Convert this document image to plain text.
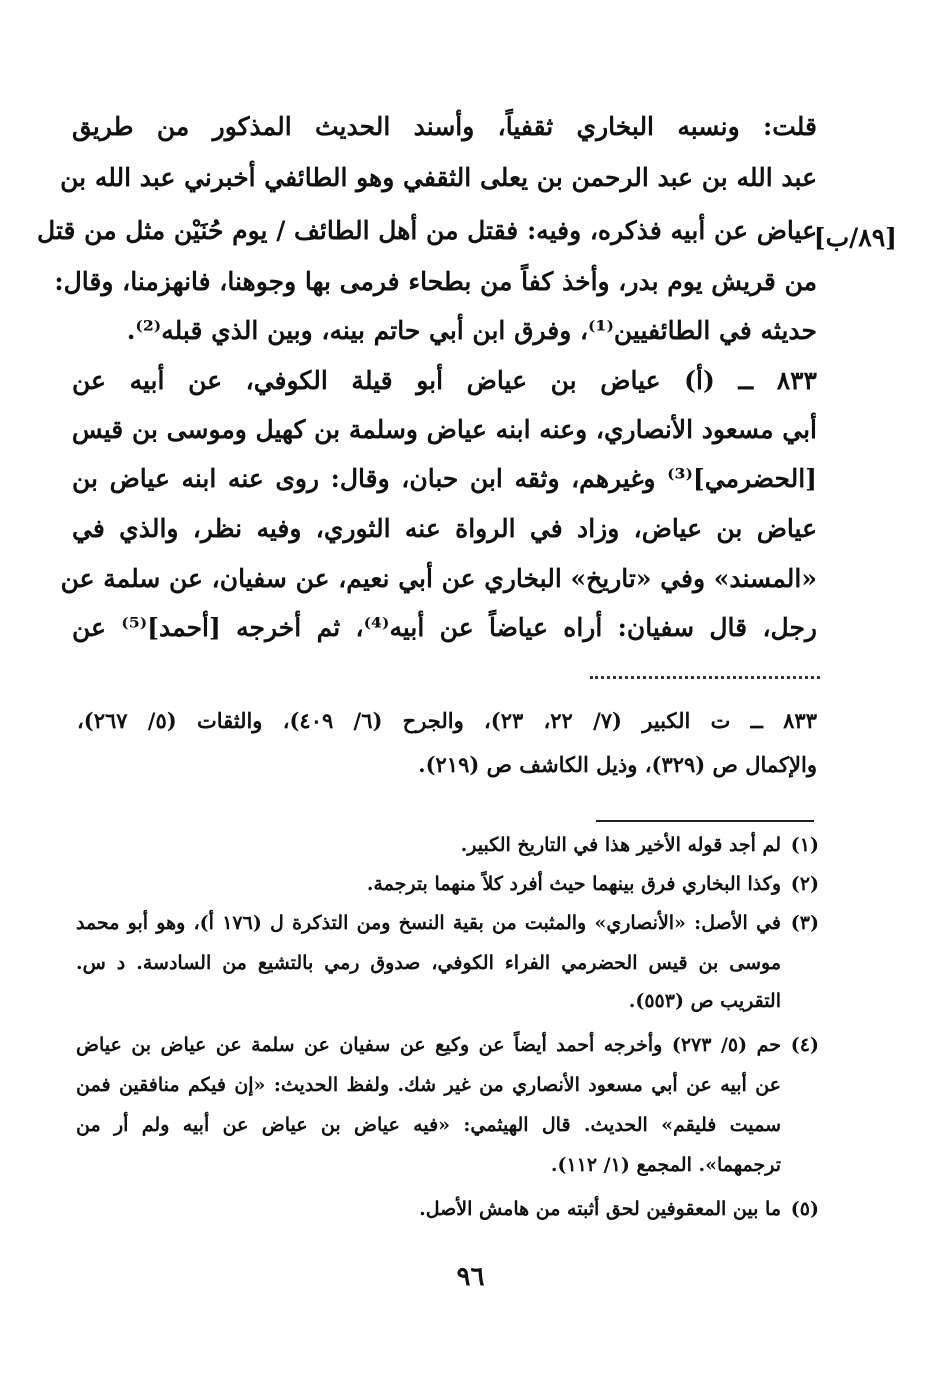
قلت: ونسبه البخاري ثقفياً، وأسند الحديث المذكور من طريق
عبد الله بن عبد الرحمن بن يعلى الثقفي وهو الطائفي أخبرني عبد الله بن
عياض عن أبيه فذكره، وفيه: فقتل من أهل الطائف / يوم حُنَيْن مثل من قتل
[٨٩/ب]
من قريش يوم بدر، وأخذ كفاً من بطحاء فرمى بها وجوهنا، فانهزمنا، وقال:
حديثه في الطائفيين⁽¹⁾، وفرق ابن أبي حاتم بينه، وبين الذي قبله⁽²⁾.
٨٣٣ ــ (أ) عياض بن عياض أبو قيلة الكوفي، عن أبيه عن
أبي مسعود الأنصاري، وعنه ابنه عياض وسلمة بن كهيل وموسى بن قيس
[الحضرمي]⁽³⁾ وغيرهم، وثقه ابن حبان، وقال: روى عنه ابنه عياض بن
عياض بن عياض، وزاد في الرواة عنه الثوري، وفيه نظر، والذي في
«المسند» وفي «تاريخ» البخاري عن أبي نعيم، عن سفيان، عن سلمة عن
رجل، قال سفيان: أراه عياضاً عن أبيه⁽⁴⁾، ثم أخرجه [أحمد]⁽⁵⁾ عن
٨٣٣ ــ ت الكبير (٧/ ٢٢، ٢٣)، والجرح (٦/ ٤٠٩)، والثقات (٥/ ٢٦٧)،
والإكمال ص (٣٢٩)، وذيل الكاشف ص (٢١٩).
(١)
لم أجد قوله الأخير هذا في التاريخ الكبير.
(٢)
وكذا البخاري فرق بينهما حيث أفرد كلاً منهما بترجمة.
(٣)
في الأصل: «الأنصاري» والمثبت من بقية النسخ ومن التذكرة ل (١٧٦ أ)، وهو أبو محمد
موسى بن قيس الحضرمي الفراء الكوفي، صدوق رمي بالتشيع من السادسة. د س.
التقريب ص (٥٥٣).
(٤)
حم (٥/ ٢٧٣) وأخرجه أحمد أيضاً عن وكيع عن سفيان عن سلمة عن عياض بن عياض
عن أبيه عن أبي مسعود الأنصاري من غير شك. ولفظ الحديث: «إن فيكم منافقين فمن
سميت فليقم» الحديث. قال الهيثمي: «فيه عياض بن عياض عن أبيه ولم أر من
ترجمهما». المجمع (١/ ١١٢).
(٥)
ما بين المعقوفين لحق أثبته من هامش الأصل.
٩٦
